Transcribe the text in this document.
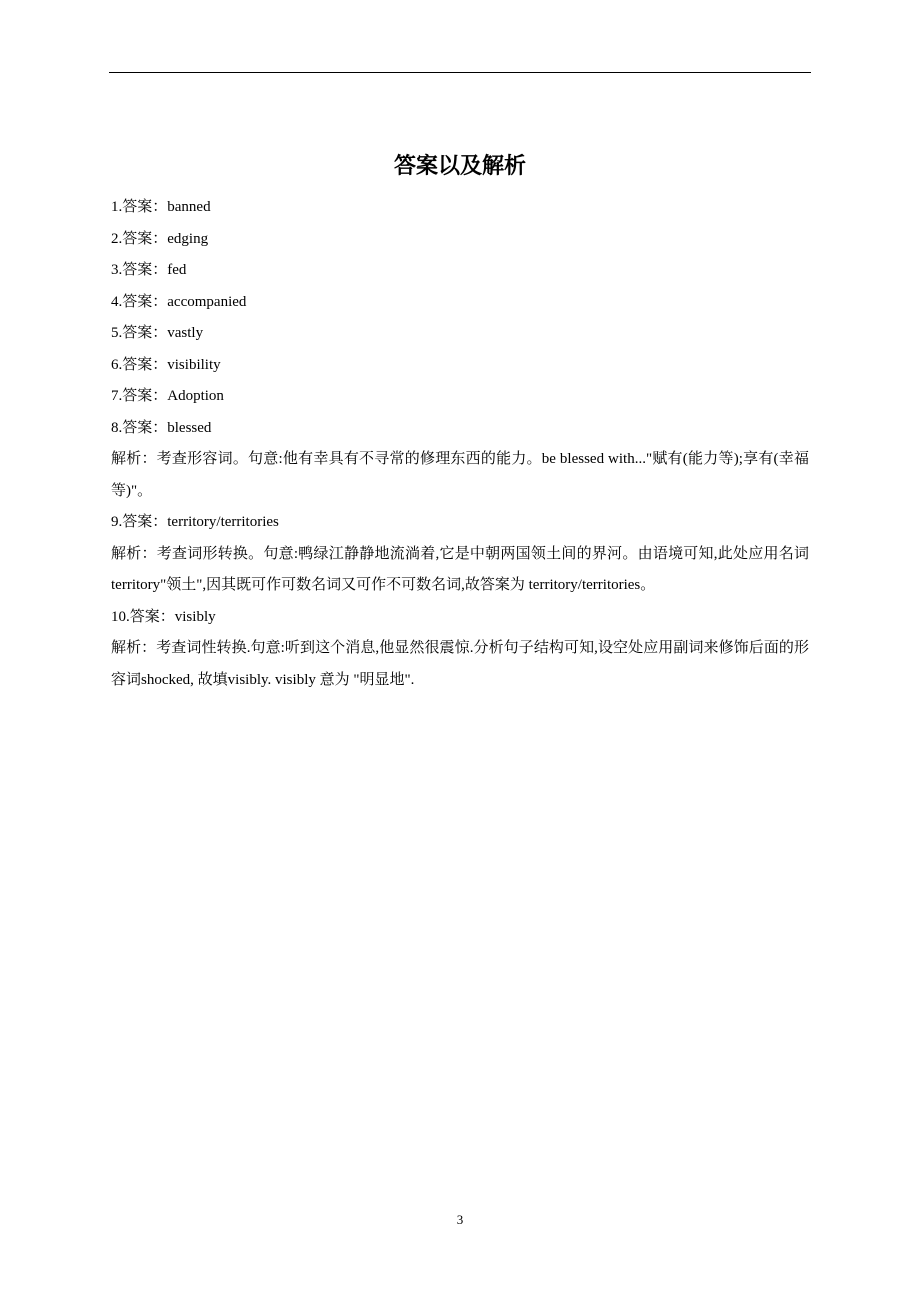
答案以及解析
1.答案：banned
2.答案：edging
3.答案：fed
4.答案：accompanied
5.答案：vastly
6.答案：visibility
7.答案：Adoption
8.答案：blessed
解析：考查形容词。句意:他有幸具有不寻常的修理东西的能力。be blessed with..."赋有(能力等);享有(幸福等)"。
9.答案：territory/territories
解析：考查词形转换。句意:鸭绿江静静地流淌着,它是中朝两国领土间的界河。由语境可知,此处应用名词 territory"领土",因其既可作可数名词又可作不可数名词,故答案为 territory/territories。
10.答案：visibly
解析：考查词性转换.句意:听到这个消息,他显然很震惊.分析句子结构可知,设空处应用副词来修饰后面的形容词shocked, 故填visibly. visibly 意为 "明显地".
3
